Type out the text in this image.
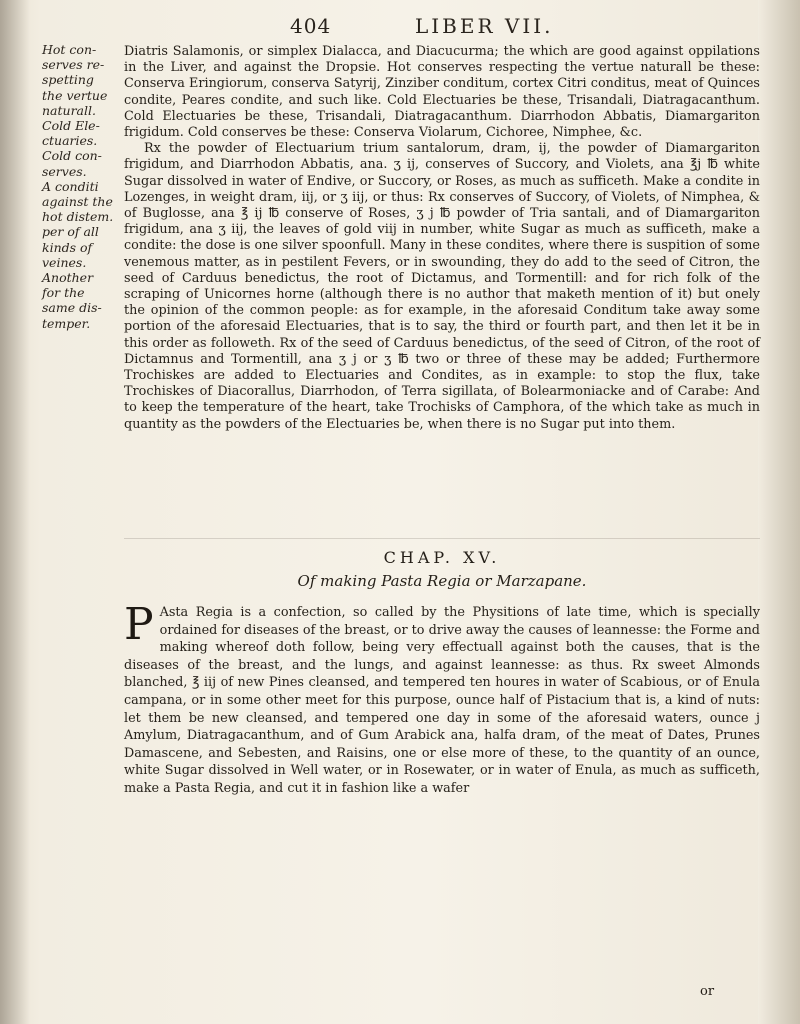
404	LIBER VII.
Hot con-
serves re-
spetting
the vertue
naturall.
Cold Ele-
ctuaries.
Cold con-
serves.
A conditi
against the
hot distem.
per of all
kinds of
veines.
Another
for the
same dis-
temper.

Diatris Salamonis, or simplex Dialacca, and Diacucurma; the which are good against oppilations in the Liver, and against the Dropsie. Hot conserves respecting the vertue naturall be these: Conserva Eringiorum, conserva Satyrij, Zinziber conditum, cortex Citri conditus, meat of Quinces condite, Peares condite, and such like. Cold Electuaries be these, Trisandali, Diatragacanthum. Cold Electuaries be these, Trisandali, Diatragacanthum. Diarrhodon Abbatis, Diamargariton frigidum. Cold conserves be these: Conserva Violarum, Cichoree, Nimphee, &c.

Rx the powder of Electuarium trium santalorum, dram, ij, the powder of Diamargariton frigidum, and Diarrhodon Abbatis, ana. ʒ ij, conserves of Succory, and Violets, ana ℥j ℔ white Sugar dissolved in water of Endive, or Succory, or Roses, as much as sufficeth. Make a condite in Lozenges, in weight dram, iij, or ʒ iij, or thus: Rx conserves of Succory, of Violets, of Nimphea, & of Buglosse, ana ℥ ij ℔ conserve of Roses, ʒ j ℔ powder of Tria santali, and of Diamargariton frigidum, ana ʒ iij, the leaves of gold viij in number, white Sugar as much as sufficeth, make a condite: the dose is one silver spoonfull. Many in these condites, where there is suspition of some venemous matter, as in pestilent Fevers, or in swounding, they do add to the seed of Citron, the seed of Carduus benedictus, the root of Dictamus, and Tormentill: and for rich folk of the scraping of Unicornes horne (although there is no author that maketh mention of it) but onely the opinion of the common people: as for example, in the aforesaid Conditum take away some portion of the aforesaid Electuaries, that is to say, the third or fourth part, and then let it be in this order as followeth. Rx of the seed of Carduus benedictus, of the seed of Citron, of the root of Dictamnus and Tormentill, ana ʒ j or ʒ ℔ two or three of these may be added; Furthermore Trochiskes are added to Electuaries and Condites, as in example: to stop the flux, take Trochiskes of Diacorallus, Diarrhodon, of Terra sigillata, of Bolearmoniacke and of Carabe: And to keep the temperature of the heart, take Trochisks of Camphora, of the which take as much in quantity as the powders of the Electuaries be, when there is no Sugar put into them.

CHAP. XV.
Of making Pasta Regia or Marzapane.
P Asta Regia is a confection, so called by the Physitions of late time, which is specially ordained for diseases of the breast, or to drive away the causes of leannesse: the Forme and making whereof doth follow, being very effectuall against both the causes, that is the diseases of the breast, and the lungs, and against leannesse: as thus. Rx sweet Almonds blanched, ℥ iij of new Pines cleansed, and tempered ten houres in water of Scabious, or of Enula campana, or in some other meet for this purpose, ounce half of Pistacium that is, a kind of nuts: let them be new cleansed, and tempered one day in some of the aforesaid waters, ounce j Amylum, Diatragacanthum, and of Gum Arabick ana, halfa dram, of the meat of Dates, Prunes Damascene, and Sebesten, and Raisins, one or else more of these, to the quantity of an ounce, white Sugar dissolved in Well water, or in Rosewater, or in water of Enula, as much as sufficeth, make a Pasta Regia, and cut it in fashion like a wafer
or
